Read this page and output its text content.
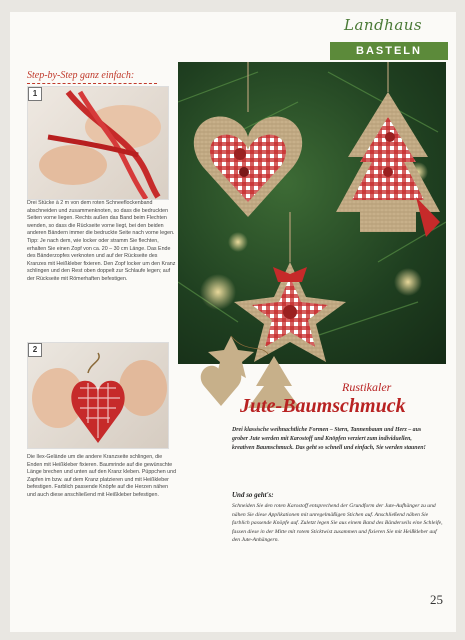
Landhaus
BASTELN
Step-by-Step ganz einfach:
1
Drei Stücke à 2 m von dem roten Schneeflockenband abschneiden und zusammenknoten, so dass die bedruckten Seiten vorne liegen. Rechts außen das Band beim Flechten wenden, so dass die Rückseite vorne liegt, bei den beiden anderen Bändern immer die bedruckte Seite nach vorne legen. Tipp: Je nach dem, wie locker oder stramm Sie flechten, erhalten Sie einen Zopf von ca. 20 – 30 cm Länge. Das Ende des Bänderzopfes verknoten und auf der Rückseite des Kranzes mit Heißkleber fixieren. Den Zopf locker um den Kranz schlingen und den Rest oben doppelt zur Schlaufe legen; auf der Rückseite mit Römerhaften befestigen.
2
Die Ilex-Gelände um die andere Kranzseite schlingen, die Enden mit Heißkleber fixieren. Baumrinde auf die gewünschte Länge brechen und unten auf den Kranz kleben. Püppchen und Zapfen im bzw. auf dem Kranz platzieren und mit Heißkleber befestigen. Farblich passende Knöpfe auf die Herzen nähen und auch diese anschließend mit Heißkleber befestigen.
Rustikaler
Jute-Baumschmuck
Drei klassische weihnachtliche Formen – Stern, Tannenbaum und Herz – aus grober Jute werden mit Karostoff und Knöpfen verziert zum individuellen, kreativen Baumschmuck. Das geht so schnell und einfach, Sie werden staunen!
Und so geht's:
Schneiden Sie den roten Karostoff entsprechend der Grundform der Jute-Aufhänger zu und nähen Sie diese Applikationen mit unregelmäßigen Stichen auf. Anschließend nähen Sie farblich passende Knöpfe auf. Zuletzt legen Sie aus einem Band des Bänderseils eine Schleife, fassen diese in der Mitte mit rotem Sticktwist zusammen und fixieren Sie mit Heißkleber auf den Jute-Anhängern.
25
